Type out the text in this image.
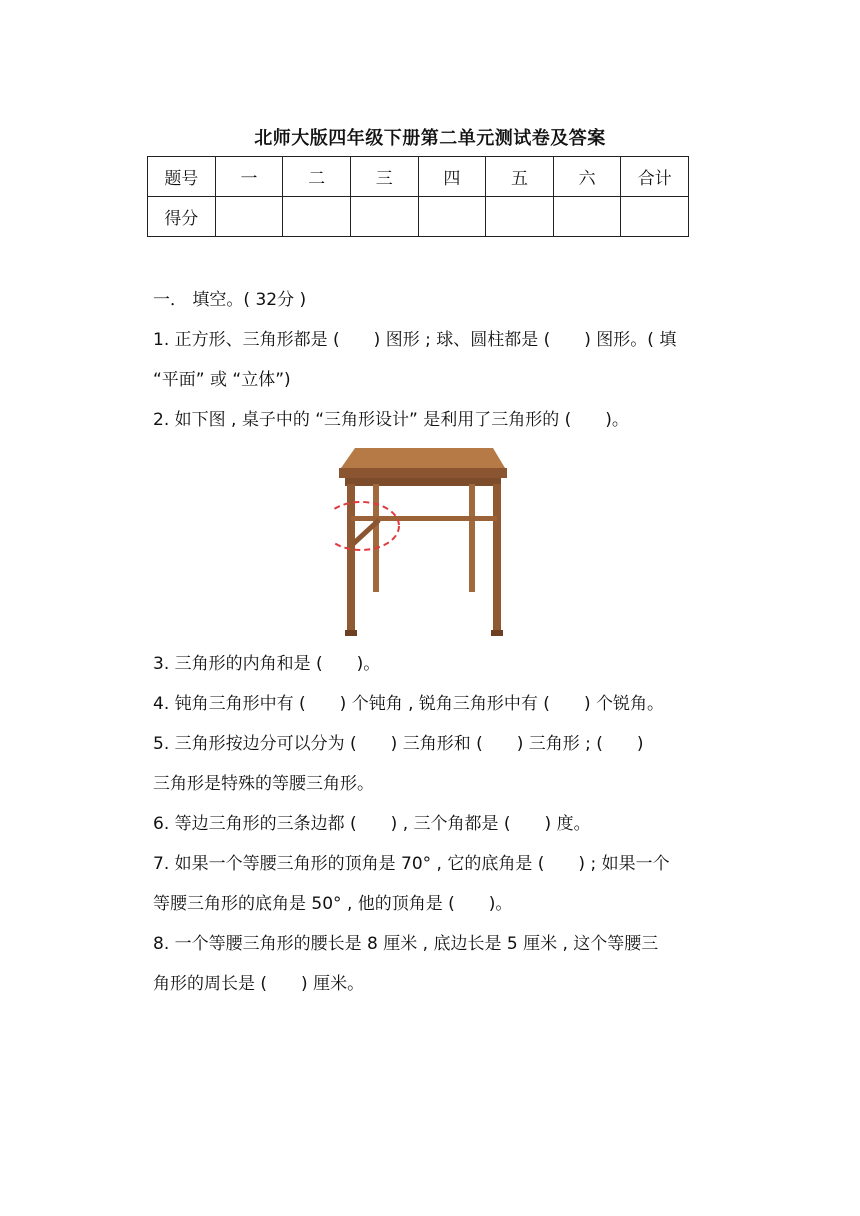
北师大版四年级下册第二单元测试卷及答案
题号	一	二	三	四	五	六	合计
得分							

一． 填空。( 32分 )

1. 正方形、三角形都是 (　　) 图形 ; 球、圆柱都是 (　　) 图形。( 填

“平面” 或 “立体”)

2. 如下图 , 桌子中的 “三角形设计” 是利用了三角形的 (　　)。

3. 三角形的内角和是 (　　)。

4. 钝角三角形中有 (　　) 个钝角 , 锐角三角形中有 (　　) 个锐角。

5. 三角形按边分可以分为 (　　) 三角形和 (　　) 三角形 ; (　　)

三角形是特殊的等腰三角形。

6. 等边三角形的三条边都 (　　) , 三个角都是 (　　) 度。

7. 如果一个等腰三角形的顶角是 70° , 它的底角是 (　　) ; 如果一个

等腰三角形的底角是 50° , 他的顶角是 (　　)。

8. 一个等腰三角形的腰长是 8 厘米 , 底边长是 5 厘米 , 这个等腰三

角形的周长是 (　　) 厘米。
